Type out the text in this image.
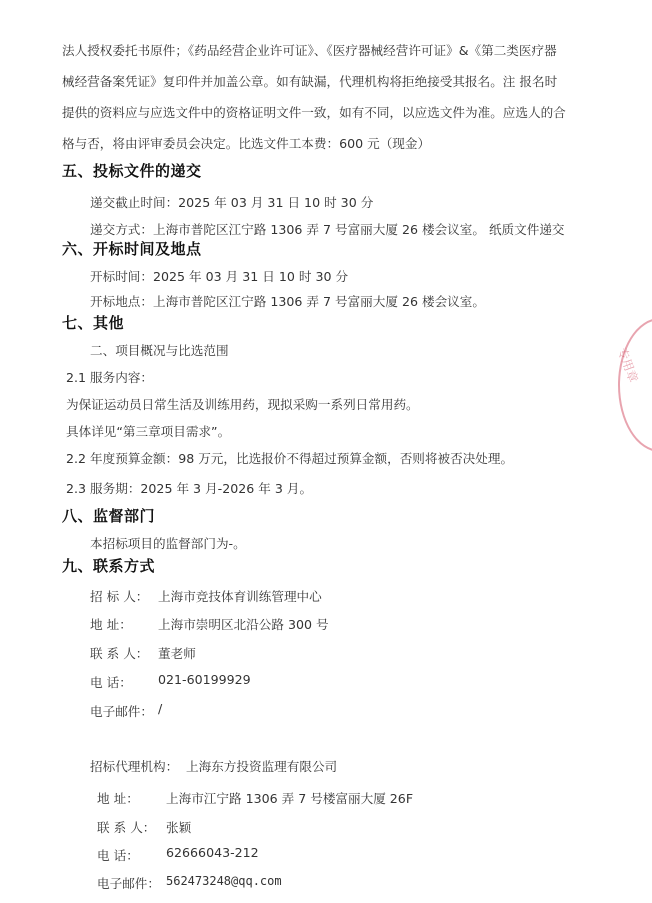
法人授权委托书原件；《药品经营企业许可证》、《医疗器械经营许可证》&《第二类医疗器
械经营备案凭证》复印件并加盖公章。如有缺漏，代理机构将拒绝接受其报名。注 报名时
提供的资料应与应选文件中的资格证明文件一致，如有不同，以应选文件为准。应选人的合
格与否，将由评审委员会决定。比选文件工本费：600 元（现金）
五、投标文件的递交
递交截止时间：2025 年 03 月 31 日 10 时 30 分
递交方式：上海市普陀区江宁路 1306 弄 7 号富丽大厦 26 楼会议室。 纸质文件递交
六、开标时间及地点
开标时间：2025 年 03 月 31 日 10 时 30 分
开标地点：上海市普陀区江宁路 1306 弄 7 号富丽大厦 26 楼会议室。
七、其他
二、项目概况与比选范围
2.1 服务内容：
为保证运动员日常生活及训练用药，现拟采购一系列日常用药。
具体详见“第三章项目需求”。
2.2 年度预算金额：98 万元，比选报价不得超过预算金额，否则将被否决处理。
2.3 服务期：2025 年 3 月-2026 年 3 月。
八、监督部门
本招标项目的监督部门为-。
九、联系方式
招 标 人： 上海市竞技体育训练管理中心
地 址： 上海市崇明区北沿公路 300 号
联 系 人： 董老师
电 话： 021-60199929
电子邮件： /
招标代理机构： 上海东方投资监理有限公司
地 址： 上海市江宁路 1306 弄 7 号楼富丽大厦 26F
联 系 人： 张颖
电 话： 62666043-212
电子邮件： 562473248@qq.com
专用章
